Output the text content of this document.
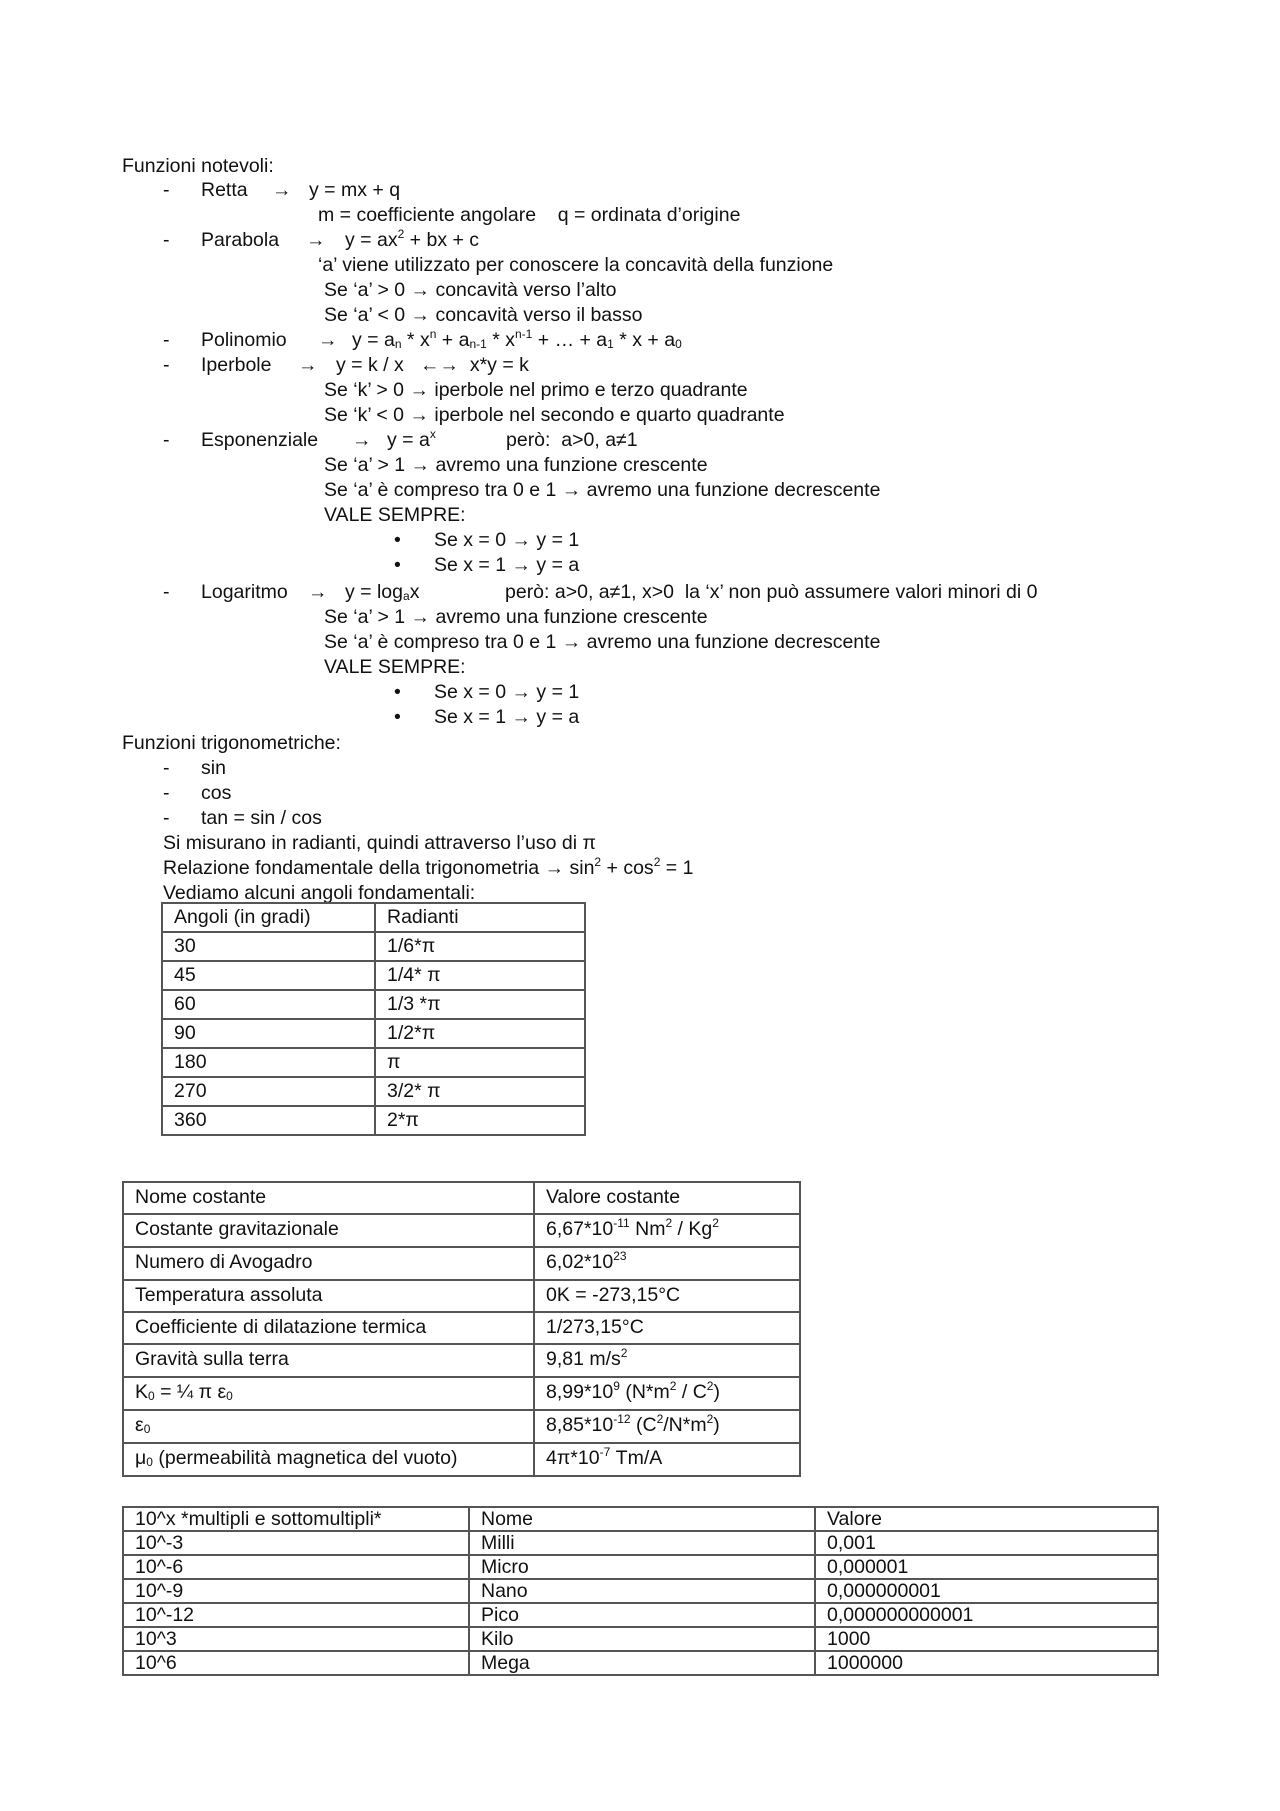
Funzioni notevoli:
- Retta → y = mx + q
m = coefficiente angolare    q = ordinata d’origine
- Parabola → $y = ax^2$ + bx + c
‘a’ viene utilizzato per conoscere la concavità della funzione
Se ‘a’ > 0 → concavità verso l’alto
Se ‘a’ < 0 → concavità verso il basso
- Polinomio → $y = a_n * x^n + a_{n-1} * x^{n-1}$ + … + $a_1 * x + a_0$
- Iperbole → y = k / x   ←→  x*y = k
Se ‘k’ > 0 → iperbole nel primo e terzo quadrante
Se ‘k’ < 0 → iperbole nel secondo e quarto quadrante
- Esponenziale → $y = a^x$	però:  a>0, a≠1
Se ‘a’ > 1 → avremo una funzione crescente
Se ‘a’ è compreso tra 0 e 1 → avremo una funzione decrescente
VALE SEMPRE:
• Se x = 0 → y = 1
• Se x = 1 → y = a
- Logaritmo → $y = \log_ax$	però: a>0, a≠1, x>0  la ‘x’ non può assumere valori minori di 0
Se ‘a’ > 1 → avremo una funzione crescente
Se ‘a’ è compreso tra 0 e 1 → avremo una funzione decrescente
VALE SEMPRE:
• Se x = 0 → y = 1
• Se x = 1 → y = a
Funzioni trigonometriche:
- sin
- cos
- tan = sin / cos
Si misurano in radianti, quindi attraverso l’uso di π
Relazione fondamentale della trigonometria → $\sin^2 + \cos^2 = 1$
Vediamo alcuni angoli fondamentali:
Angoli (in gradi)	Radianti
30	1/6*π
45	1/4* π
60	1/3 *π
90	1/2*π
180	π
270	3/2* π
360	2*π
Nome costante	Valore costante
Costante gravitazionale	$6,67*10^{-11}$ Nm$^2$ / Kg$^2$
Numero di Avogadro	$6,02*10^{23}$
Temperatura assoluta	0K = -273,15°C
Coefficiente di dilatazione termica	1/273,15°C
Gravità sulla terra	9,81 $m/s^2$
$K_0$ = ¼ π $\varepsilon_0$	$8,99*10^9$ $(N*m^2 / C^2)$
$\varepsilon_0$	$8,85*10^{-12}$ $(C^2/N*m^2)$
$\mu_0$ (permeabilità magnetica del vuoto)	$4\pi*10^{-7}$ Tm/A
10^x *multipli e sottomultipli*	Nome	Valore
10^-3	Milli	0,001
10^-6	Micro	0,000001
10^-9	Nano	0,000000001
10^-12	Pico	0,000000000001
10^3	Kilo	1000
10^6	Mega	1000000
